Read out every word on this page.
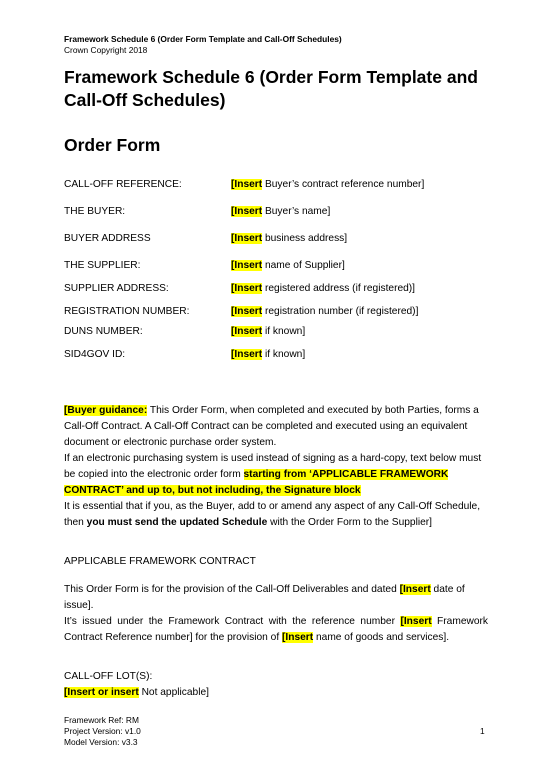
Framework Schedule 6 (Order Form Template and Call-Off Schedules)
Crown Copyright 2018
Framework Schedule 6 (Order Form Template and Call-Off Schedules)
Order Form
CALL-OFF REFERENCE:	[Insert Buyer’s contract reference number]
THE BUYER:	[Insert Buyer’s name]
BUYER ADDRESS	[Insert business address]
THE SUPPLIER:	[Insert name of Supplier]
SUPPLIER ADDRESS:	[Insert registered address (if registered)]
REGISTRATION NUMBER:	[Insert registration number (if registered)]
DUNS NUMBER:	[Insert if known]
SID4GOV ID:	[Insert if known]

[Buyer guidance: This Order Form, when completed and executed by both Parties, forms a Call-Off Contract. A Call-Off Contract can be completed and executed using an equivalent document or electronic purchase order system.

If an electronic purchasing system is used instead of signing as a hard-copy, text below must be copied into the electronic order form starting from ‘APPLICABLE FRAMEWORK CONTRACT’ and up to, but not including, the Signature block

It is essential that if you, as the Buyer, add to or amend any aspect of any Call-Off Schedule, then you must send the updated Schedule with the Order Form to the Supplier]

APPLICABLE FRAMEWORK CONTRACT

This Order Form is for the provision of the Call-Off Deliverables and dated [Insert date of issue].

It’s issued under the Framework Contract with the reference number [Insert Framework Contract Reference number] for the provision of [Insert name of goods and services].

CALL-OFF LOT(S):

[Insert or insert Not applicable]

Framework Ref: RM
Project Version: v1.0
Model Version: v3.3
1
